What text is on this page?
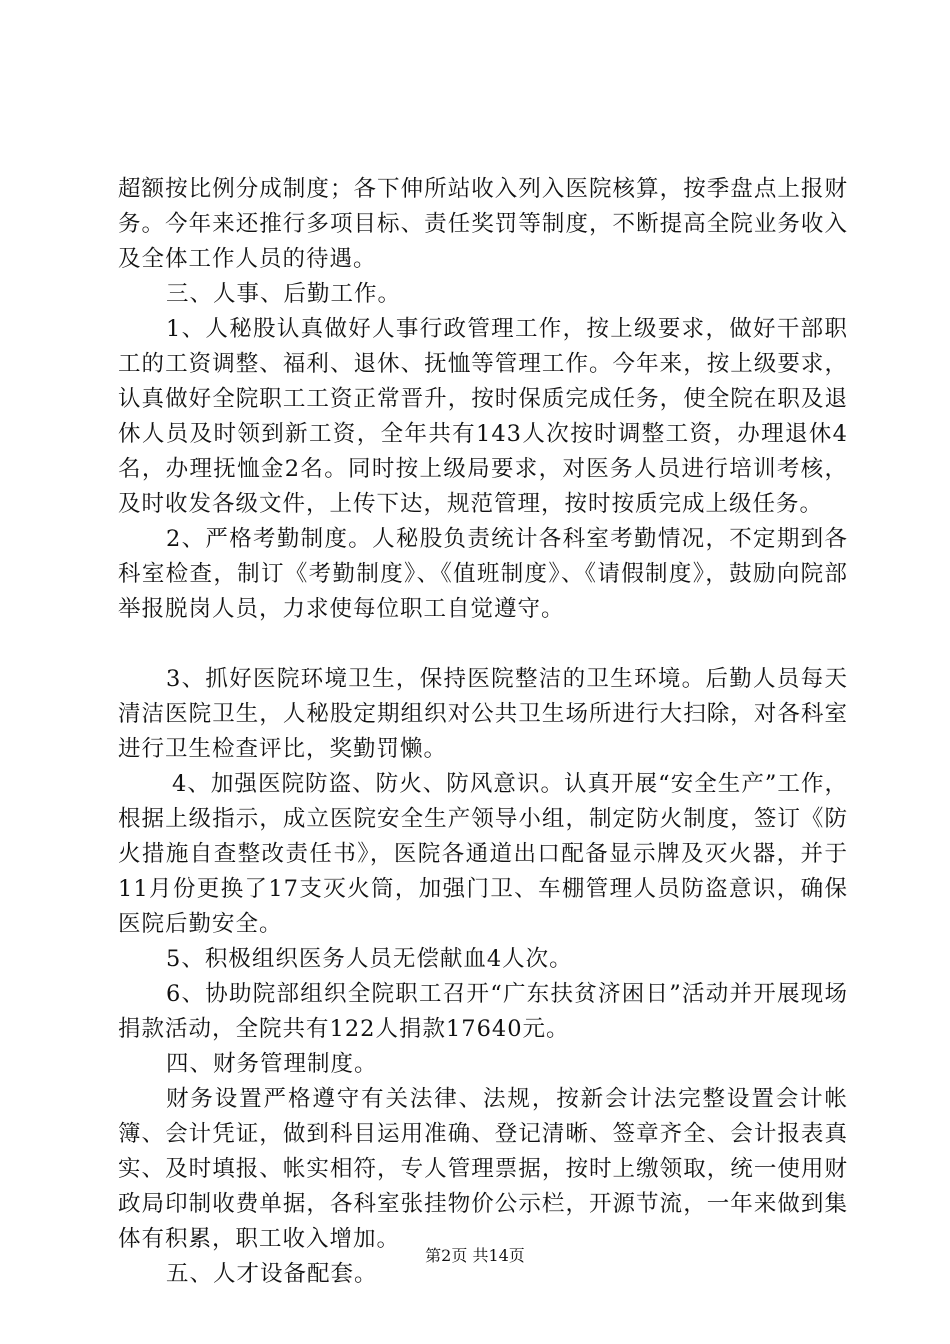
超额按比例分成制度；各下伸所站收入列入医院核算，按季盘点上报财务。今年来还推行多项目标、责任奖罚等制度，不断提高全院业务收入及全体工作人员的待遇。

三、人事、后勤工作。

1、人秘股认真做好人事行政管理工作，按上级要求，做好干部职工的工资调整、福利、退休、抚恤等管理工作。今年来，按上级要求，认真做好全院职工工资正常晋升，按时保质完成任务，使全院在职及退休人员及时领到新工资，全年共有143人次按时调整工资，办理退休4名，办理抚恤金2名。同时按上级局要求，对医务人员进行培训考核，及时收发各级文件，上传下达，规范管理，按时按质完成上级任务。

2、严格考勤制度。人秘股负责统计各科室考勤情况，不定期到各科室检查，制订《考勤制度》、《值班制度》、《请假制度》，鼓励向院部举报脱岗人员，力求使每位职工自觉遵守。

3、抓好医院环境卫生，保持医院整洁的卫生环境。后勤人员每天清洁医院卫生，人秘股定期组织对公共卫生场所进行大扫除，对各科室进行卫生检查评比，奖勤罚懒。

4、加强医院防盗、防火、防风意识。认真开展“安全生产”工作，根据上级指示，成立医院安全生产领导小组，制定防火制度，签订《防火措施自查整改责任书》，医院各通道出口配备显示牌及灭火器，并于11月份更换了17支灭火筒，加强门卫、车棚管理人员防盗意识，确保医院后勤安全。

5、积极组织医务人员无偿献血4人次。

6、协助院部组织全院职工召开“广东扶贫济困日”活动并开展现场捐款活动，全院共有122人捐款17640元。

四、财务管理制度。

财务设置严格遵守有关法律、法规，按新会计法完整设置会计帐簿、会计凭证，做到科目运用准确、登记清晰、签章齐全、会计报表真实、及时填报、帐实相符，专人管理票据，按时上缴领取，统一使用财政局印制收费单据，各科室张挂物价公示栏，开源节流，一年来做到集体有积累，职工收入增加。

五、人才设备配套。

第2页 共14页
